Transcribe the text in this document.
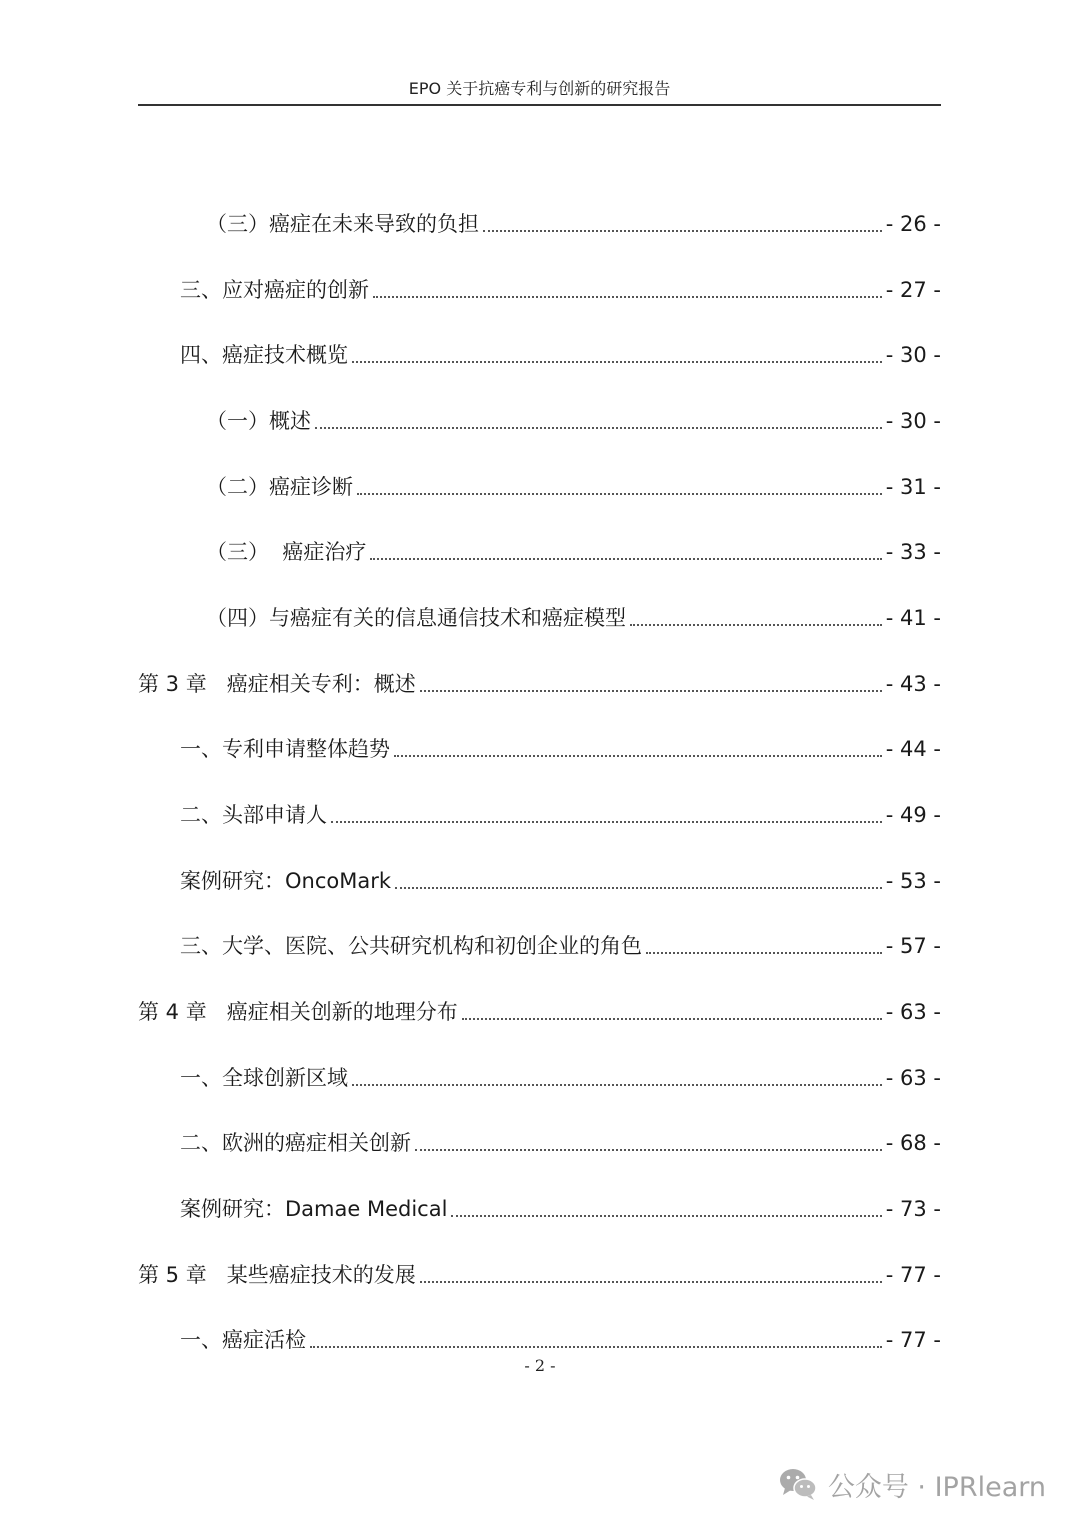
EPO 关于抗癌专利与创新的研究报告
（三）癌症在未来导致的负担	- 26 -
三、应对癌症的创新	- 27 -
四、癌症技术概览	- 30 -
（一）概述	- 30 -
（二）癌症诊断	- 31 -
（三）  癌症治疗	- 33 -
（四）与癌症有关的信息通信技术和癌症模型	- 41 -
第 3 章   癌症相关专利：概述	- 43 -
一、专利申请整体趋势	- 44 -
二、头部申请人	- 49 -
案例研究：OncoMark	- 53 -
三、大学、医院、公共研究机构和初创企业的角色	- 57 -
第 4 章   癌症相关创新的地理分布	- 63 -
一、全球创新区域	- 63 -
二、欧洲的癌症相关创新	- 68 -
案例研究：Damae Medical	- 73 -
第 5 章   某些癌症技术的发展	- 77 -
一、癌症活检	- 77 -
- 2 -
公众号 · IPRlearn
